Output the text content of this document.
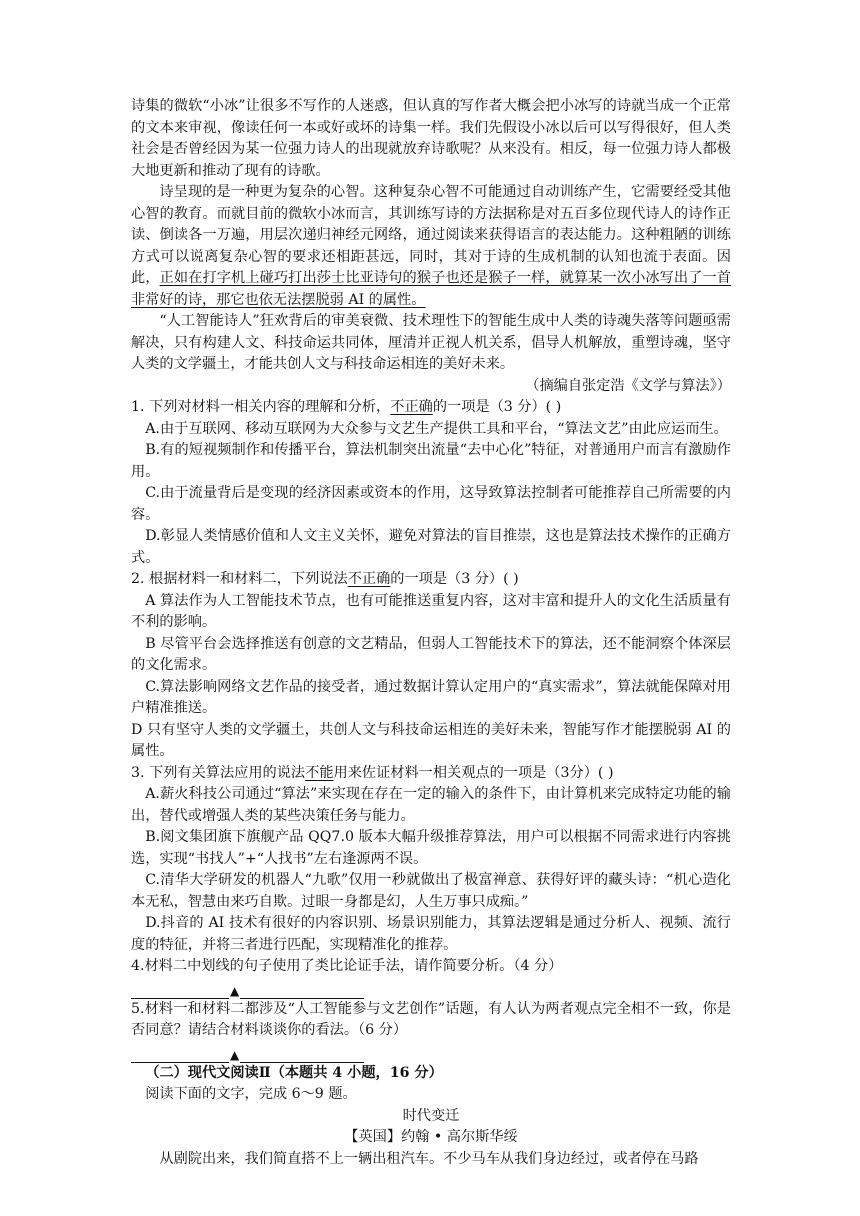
诗集的微软“小冰”让很多不写作的人迷惑，但认真的写作者大概会把小冰写的诗就当成一个正常的文本来审视，像读任何一本或好或坏的诗集一样。我们先假设小冰以后可以写得很好，但人类社会是否曾经因为某一位强力诗人的出现就放弃诗歌呢？从来没有。相反，每一位强力诗人都极大地更新和推动了现有的诗歌。

诗呈现的是一种更为复杂的心智。这种复杂心智不可能通过自动训练产生，它需要经受其他心智的教育。而就目前的微软小冰而言，其训练写诗的方法据称是对五百多位现代诗人的诗作正读、倒读各一万遍，用层次递归神经元网络，通过阅读来获得语言的表达能力。这种粗陋的训练方式可以说离复杂心智的要求还相距甚远，同时，其对于诗的生成机制的认知也流于表面。因此，正如在打字机上碰巧打出莎士比亚诗句的猴子也还是猴子一样，就算某一次小冰写出了一首非常好的诗，那它也依无法摆脱弱 AI 的属性。

“人工智能诗人”狂欢背后的审美衰微、技术理性下的智能生成中人类的诗魂失落等问题亟需解决，只有构建人文、科技命运共同体，厘清并正视人机关系，倡导人机解放，重塑诗魂，坚守人类的文学疆土，才能共创人文与科技命运相连的美好未来。

（摘编自张定浩《文学与算法》）

1. 下列对材料一相关内容的理解和分析，不正确的一项是（3 分）( )

A.由于互联网、移动互联网为大众参与文艺生产提供工具和平台，“算法文艺”由此应运而生。

B.有的短视频制作和传播平台，算法机制突出流量“去中心化”特征，对普通用户而言有激励作用。

C.由于流量背后是变现的经济因素或资本的作用，这导致算法控制者可能推荐自己所需要的内容。

D.彰显人类情感价值和人文主义关怀，避免对算法的盲目推崇，这也是算法技术操作的正确方式。

2. 根据材料一和材料二，下列说法不正确的一项是（3 分）( )

A 算法作为人工智能技术节点，也有可能推送重复内容，这对丰富和提升人的文化生活质量有不利的影响。

B 尽管平台会选择推送有创意的文艺精品，但弱人工智能技术下的算法，还不能洞察个体深层的文化需求。

C.算法影响网络文艺作品的接受者，通过数据计算认定用户的“真实需求”，算法就能保障对用户精准推送。

D 只有坚守人类的文学疆土，共创人文与科技命运相连的美好未来，智能写作才能摆脱弱 AI 的属性。

3. 下列有关算法应用的说法不能用来佐证材料一相关观点的一项是（3分）( )

A.薪火科技公司通过“算法”来实现在存在一定的输入的条件下，由计算机来完成特定功能的输出，替代或增强人类的某些决策任务与能力。

B.阅文集团旗下旗舰产品 QQ7.0 版本大幅升级推荐算法，用户可以根据不同需求进行内容挑选，实现“书找人”+“人找书”左右逢源两不误。

C.清华大学研发的机器人“九歌”仅用一秒就做出了极富禅意、获得好评的藏头诗：“机心造化本无私，智慧由来巧自欺。过眼一身都是幻，人生万事只成痴。”

D.抖音的 AI 技术有很好的内容识别、场景识别能力，其算法逻辑是通过分析人、视频、流行度的特征，并将三者进行匹配，实现精准化的推荐。

4.材料二中划线的句子使用了类比论证手法，请作简要分析。（4 分）

▲

5.材料一和材料二都涉及“人工智能参与文艺创作”话题，有人认为两者观点完全相不一致，你是否同意？请结合材料谈谈你的看法。（6 分）

▲

（二）现代文阅读Ⅱ（本题共 4 小题，16 分）

阅读下面的文字，完成 6～9 题。

时代变迁

【英国】约翰 • 高尔斯华绥

从剧院出来，我们简直搭不上一辆出租汽车。不少马车从我们身边经过，或者停在马路
